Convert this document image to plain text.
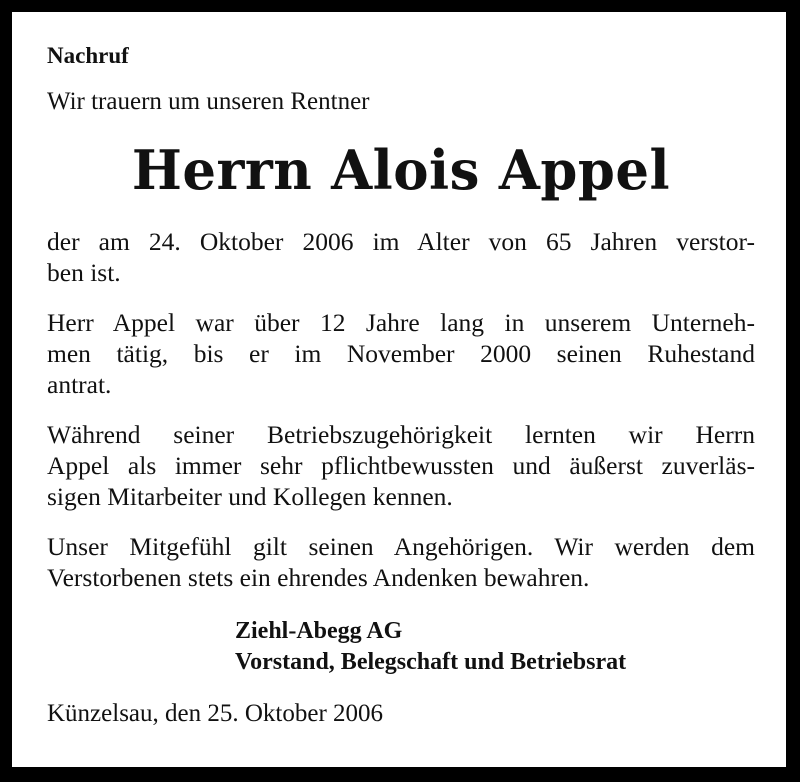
Nachruf
Wir trauern um unseren Rentner
Herrn Alois Appel
der am 24. Oktober 2006 im Alter von 65 Jahren verstor-
ben ist.
Herr Appel war über 12 Jahre lang in unserem Unterneh-
men tätig, bis er im November 2000 seinen Ruhestand
antrat.
Während seiner Betriebszugehörigkeit lernten wir Herrn
Appel als immer sehr pflichtbewussten und äußerst zuverläs-
sigen Mitarbeiter und Kollegen kennen.
Unser Mitgefühl gilt seinen Angehörigen. Wir werden dem
Verstorbenen stets ein ehrendes Andenken bewahren.
Ziehl-Abegg AG
Vorstand, Belegschaft und Betriebsrat
Künzelsau, den 25. Oktober 2006
